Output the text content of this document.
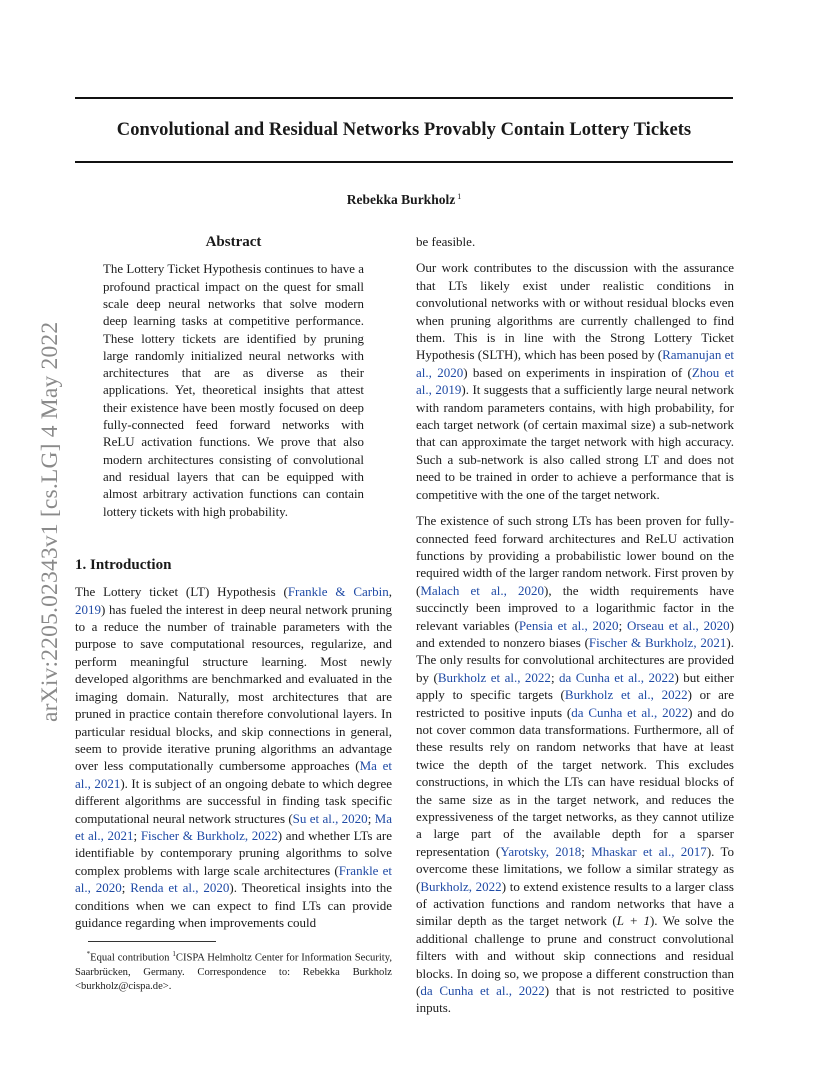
Convolutional and Residual Networks Provably Contain Lottery Tickets
Rebekka Burkholz $^1$
arXiv:2205.02343v1 [cs.LG] 4 May 2022
Abstract
The Lottery Ticket Hypothesis continues to have a profound practical impact on the quest for small scale deep neural networks that solve modern deep learning tasks at competitive performance. These lottery tickets are identified by pruning large randomly initialized neural networks with architectures that are as diverse as their applications. Yet, theoretical insights that attest their existence have been mostly focused on deep fully-connected feed forward networks with ReLU activation functions. We prove that also modern architectures consisting of convolutional and residual layers that can be equipped with almost arbitrary activation functions can contain lottery tickets with high probability.
1. Introduction

The Lottery ticket (LT) Hypothesis (Frankle & Carbin, 2019) has fueled the interest in deep neural network pruning to a reduce the number of trainable parameters with the purpose to save computational resources, regularize, and perform meaningful structure learning. Most newly developed algorithms are benchmarked and evaluated in the imaging domain. Naturally, most architectures that are pruned in practice contain therefore convolutional layers. In particular residual blocks, and skip connections in general, seem to provide iterative pruning algorithms an advantage over less computationally cumbersome approaches (Ma et al., 2021). It is subject of an ongoing debate to which degree different algorithms are successful in finding task specific computational neural network structures (Su et al., 2020; Ma et al., 2021; Fischer & Burkholz, 2022) and whether LTs are identifiable by contemporary pruning algorithms to solve complex problems with large scale architectures (Frankle et al., 2020; Renda et al., 2020). Theoretical insights into the conditions when we can expect to find LTs can provide guidance regarding when improvements could

*Equal contribution $^1$CISPA Helmholtz Center for Information Security, Saarbrücken, Germany. Correspondence to: Rebekka Burkholz <burkholz@cispa.de>.

be feasible.

Our work contributes to the discussion with the assurance that LTs likely exist under realistic conditions in convolutional networks with or without residual blocks even when pruning algorithms are currently challenged to find them. This is in line with the Strong Lottery Ticket Hypothesis (SLTH), which has been posed by (Ramanujan et al., 2020) based on experiments in inspiration of (Zhou et al., 2019). It suggests that a sufficiently large neural network with random parameters contains, with high probability, for each target network (of certain maximal size) a sub-network that can approximate the target network with high accuracy. Such a sub-network is also called strong LT and does not need to be trained in order to achieve a performance that is competitive with the one of the target network.

The existence of such strong LTs has been proven for fully-connected feed forward architectures and ReLU activation functions by providing a probabilistic lower bound on the required width of the larger random network. First proven by (Malach et al., 2020), the width requirements have succinctly been improved to a logarithmic factor in the relevant variables (Pensia et al., 2020; Orseau et al., 2020) and extended to nonzero biases (Fischer & Burkholz, 2021). The only results for convolutional architectures are provided by (Burkholz et al., 2022; da Cunha et al., 2022) but either apply to specific targets (Burkholz et al., 2022) or are restricted to positive inputs (da Cunha et al., 2022) and do not cover common data transformations. Furthermore, all of these results rely on random networks that have at least twice the depth of the target network. This excludes constructions, in which the LTs can have residual blocks of the same size as in the target network, and reduces the expressiveness of the target networks, as they cannot utilize a large part of the available depth for a sparser representation (Yarotsky, 2018; Mhaskar et al., 2017). To overcome these limitations, we follow a similar strategy as (Burkholz, 2022) to extend existence results to a larger class of activation functions and random networks that have a similar depth as the target network (L + 1). We solve the additional challenge to prune and construct convolutional filters with and without skip connections and residual blocks. In doing so, we propose a different construction than (da Cunha et al., 2022) that is not restricted to positive inputs.
